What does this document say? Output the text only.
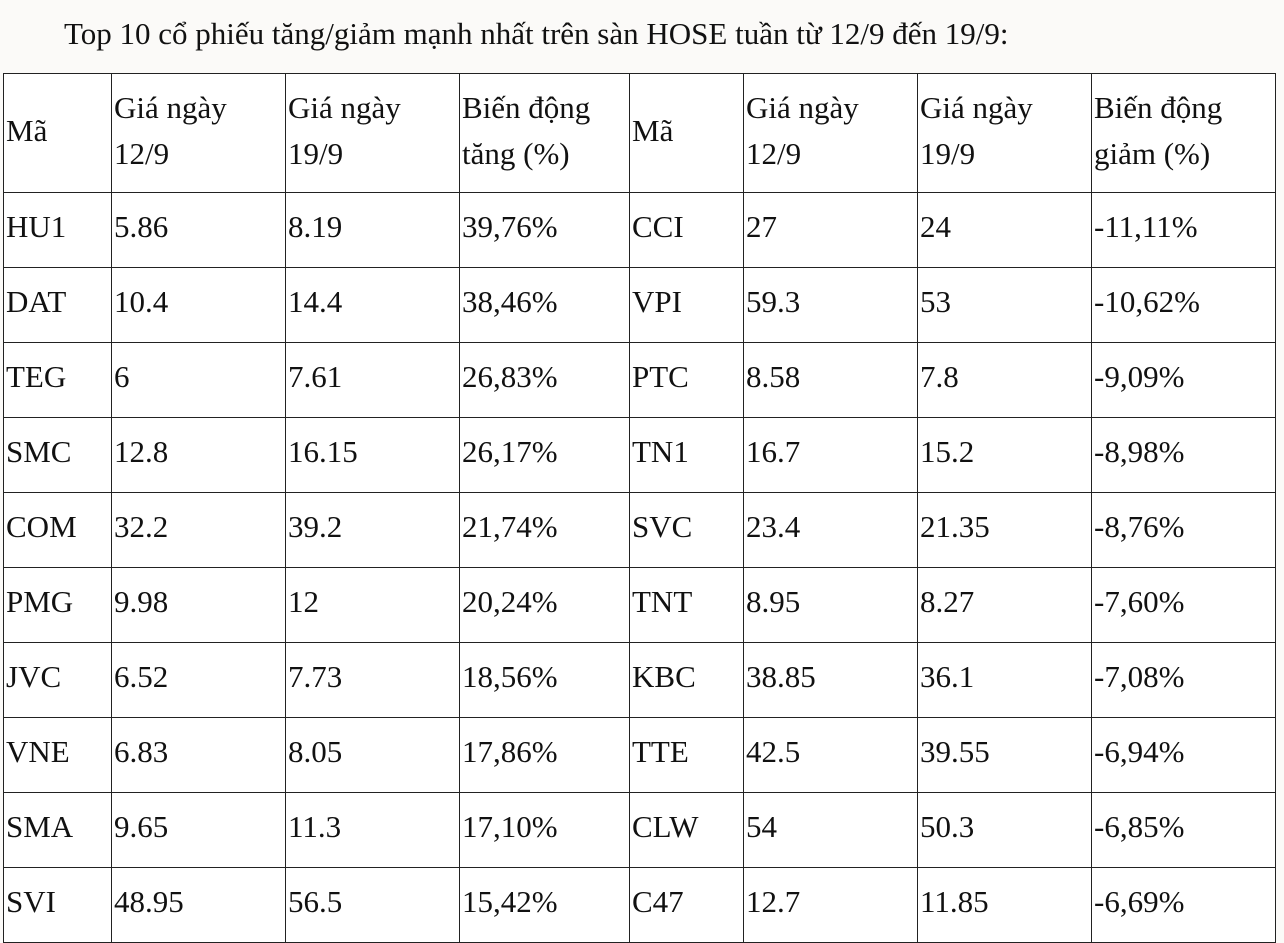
Top 10 cổ phiếu tăng/giảm mạnh nhất trên sàn HOSE tuần từ 12/9 đến 19/9:
Mã	Giá ngày 12/9	Giá ngày 19/9	Biến động tăng (%)	Mã	Giá ngày 12/9	Giá ngày 19/9	Biến động giảm (%)

HU1	5.86	8.19	39,76%	CCI	27	24	-11,11%
DAT	10.4	14.4	38,46%	VPI	59.3	53	-10,62%
TEG	6	7.61	26,83%	PTC	8.58	7.8	-9,09%
SMC	12.8	16.15	26,17%	TN1	16.7	15.2	-8,98%
COM	32.2	39.2	21,74%	SVC	23.4	21.35	-8,76%
PMG	9.98	12	20,24%	TNT	8.95	8.27	-7,60%
JVC	6.52	7.73	18,56%	KBC	38.85	36.1	-7,08%
VNE	6.83	8.05	17,86%	TTE	42.5	39.55	-6,94%
SMA	9.65	11.3	17,10%	CLW	54	50.3	-6,85%
SVI	48.95	56.5	15,42%	C47	12.7	11.85	-6,69%
